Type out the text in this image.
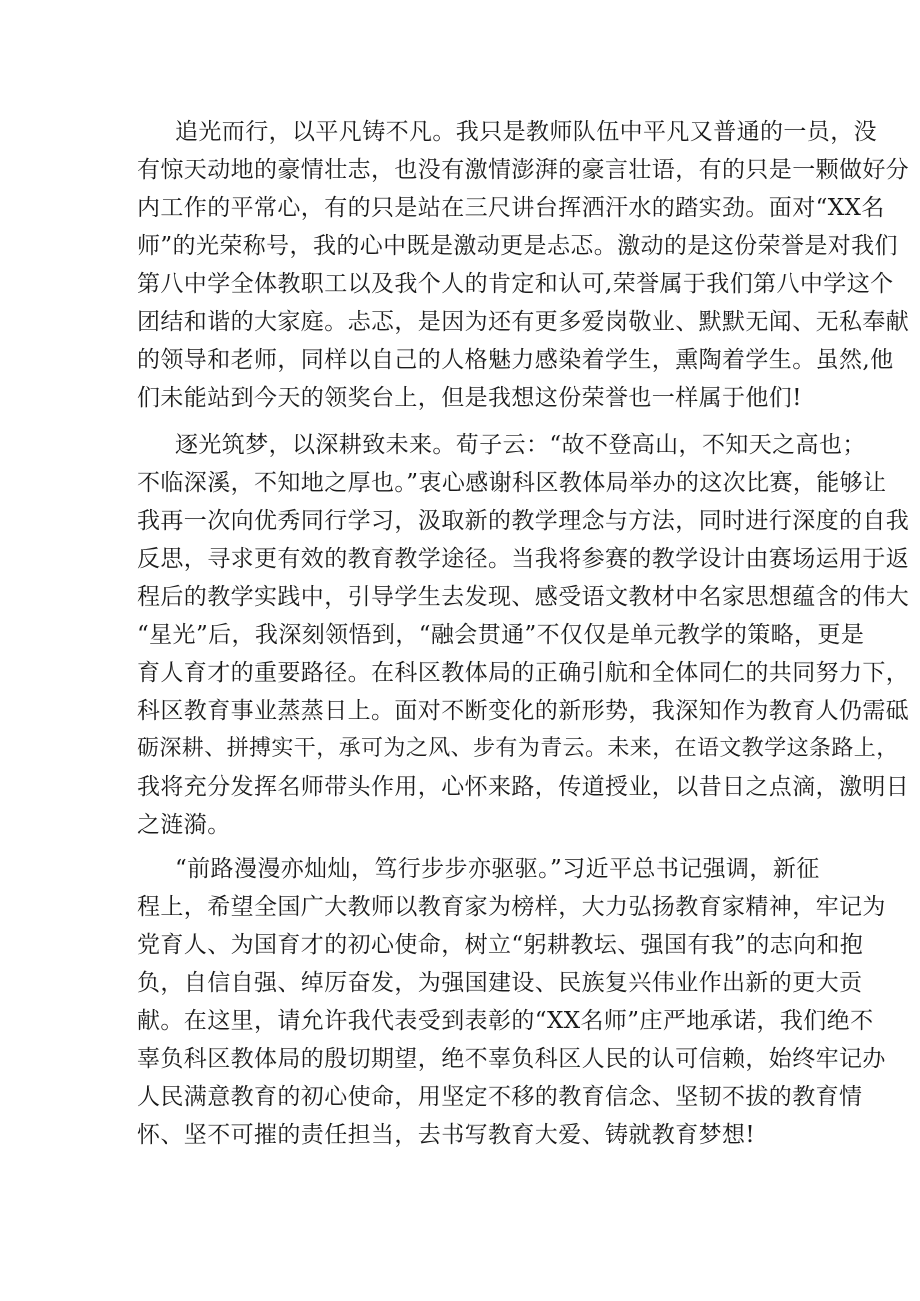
追光而行，以平凡铸不凡。我只是教师队伍中平凡又普通的一员，没
有惊天动地的豪情壮志，也没有激情澎湃的豪言壮语，有的只是一颗做好分
内工作的平常心，有的只是站在三尺讲台挥洒汗水的踏实劲。面对“XX名
师”的光荣称号，我的心中既是激动更是忐忑。激动的是这份荣誉是对我们
第八中学全体教职工以及我个人的肯定和认可,荣誉属于我们第八中学这个
团结和谐的大家庭。忐忑，是因为还有更多爱岗敬业、默默无闻、无私奉献
的领导和老师，同样以自己的人格魅力感染着学生，熏陶着学生。虽然,他
们未能站到今天的领奖台上，但是我想这份荣誉也一样属于他们!
逐光筑梦，以深耕致未来。荀子云：“故不登高山，不知天之高也；
不临深溪，不知地之厚也。”衷心感谢科区教体局举办的这次比赛，能够让
我再一次向优秀同行学习，汲取新的教学理念与方法，同时进行深度的自我
反思，寻求更有效的教育教学途径。当我将参赛的教学设计由赛场运用于返
程后的教学实践中，引导学生去发现、感受语文教材中名家思想蕴含的伟大
“星光”后，我深刻领悟到，“融会贯通”不仅仅是单元教学的策略，更是
育人育才的重要路径。在科区教体局的正确引航和全体同仁的共同努力下，
科区教育事业蒸蒸日上。面对不断变化的新形势，我深知作为教育人仍需砥
砺深耕、拼搏实干，承可为之风、步有为青云。未来，在语文教学这条路上，
我将充分发挥名师带头作用，心怀来路，传道授业，以昔日之点滴，激明日
之涟漪。
“前路漫漫亦灿灿，笃行步步亦驱驱。”习近平总书记强调，新征
程上，希望全国广大教师以教育家为榜样，大力弘扬教育家精神，牢记为
党育人、为国育才的初心使命，树立“躬耕教坛、强国有我”的志向和抱
负，自信自强、绰厉奋发，为强国建设、民族复兴伟业作出新的更大贡
献。在这里，请允许我代表受到表彰的“XX名师”庄严地承诺，我们绝不
辜负科区教体局的殷切期望，绝不辜负科区人民的认可信赖，始终牢记办
人民满意教育的初心使命，用坚定不移的教育信念、坚韧不拔的教育情
怀、坚不可摧的责任担当，去书写教育大爱、铸就教育梦想!
